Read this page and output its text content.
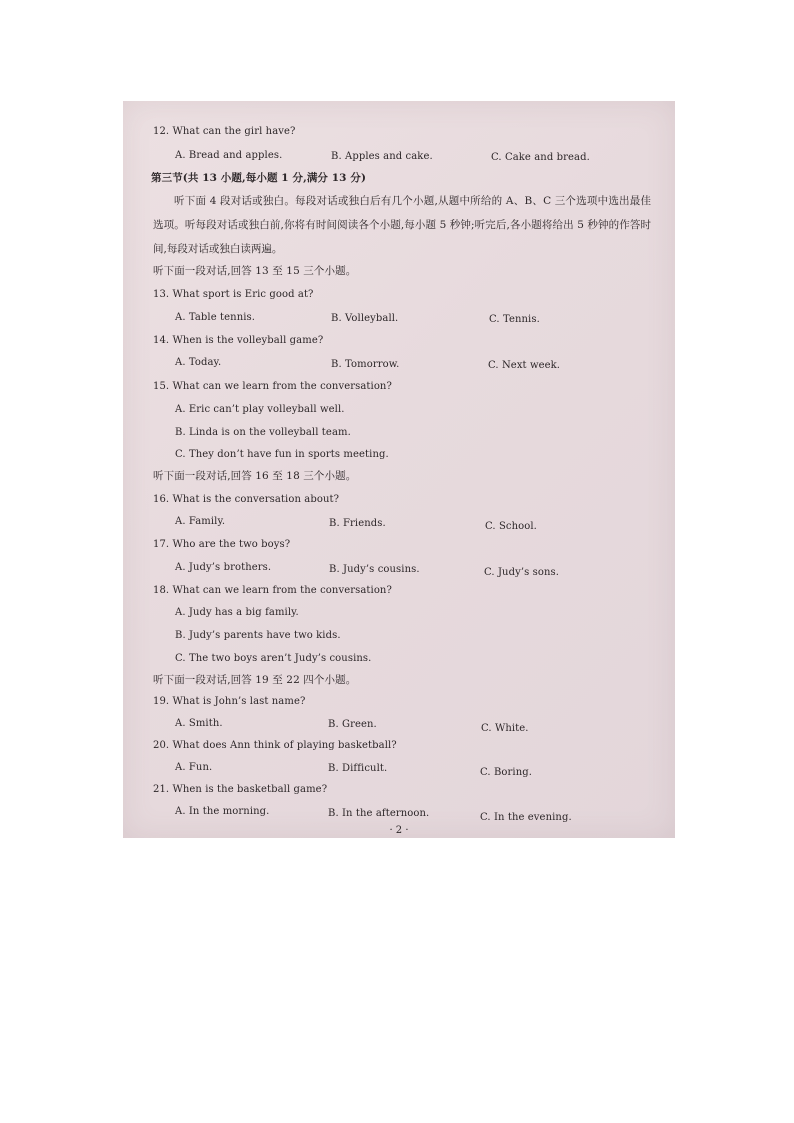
12. What can the girl have?
A. Bread and apples.	B. Apples and cake.	C. Cake and bread.
第三节(共 13 小题,每小题 1 分,满分 13 分)
听下面 4 段对话或独白。每段对话或独白后有几个小题,从题中所给的 A、B、C 三个选项中选出最佳选项。听每段对话或独白前,你将有时间阅读各个小题,每小题 5 秒钟;听完后,各小题将给出 5 秒钟的作答时间,每段对话或独白读两遍。
听下面一段对话,回答 13 至 15 三个小题。
13. What sport is Eric good at?
A. Table tennis.	B. Volleyball.	C. Tennis.
14. When is the volleyball game?
A. Today.	B. Tomorrow.	C. Next week.
15. What can we learn from the conversation?
A. Eric can’t play volleyball well.
B. Linda is on the volleyball team.
C. They don’t have fun in sports meeting.
听下面一段对话,回答 16 至 18 三个小题。
16. What is the conversation about?
A. Family.	B. Friends.	C. School.
17. Who are the two boys?
A. Judy’s brothers.	B. Judy’s cousins.	C. Judy’s sons.
18. What can we learn from the conversation?
A. Judy has a big family.
B. Judy’s parents have two kids.
C. The two boys aren’t Judy’s cousins.
听下面一段对话,回答 19 至 22 四个小题。
19. What is John’s last name?
A. Smith.	B. Green.	C. White.
20. What does Ann think of playing basketball?
A. Fun.	B. Difficult.	C. Boring.
21. When is the basketball game?
A. In the morning.	B. In the afternoon.	C. In the evening.
· 2 ·
